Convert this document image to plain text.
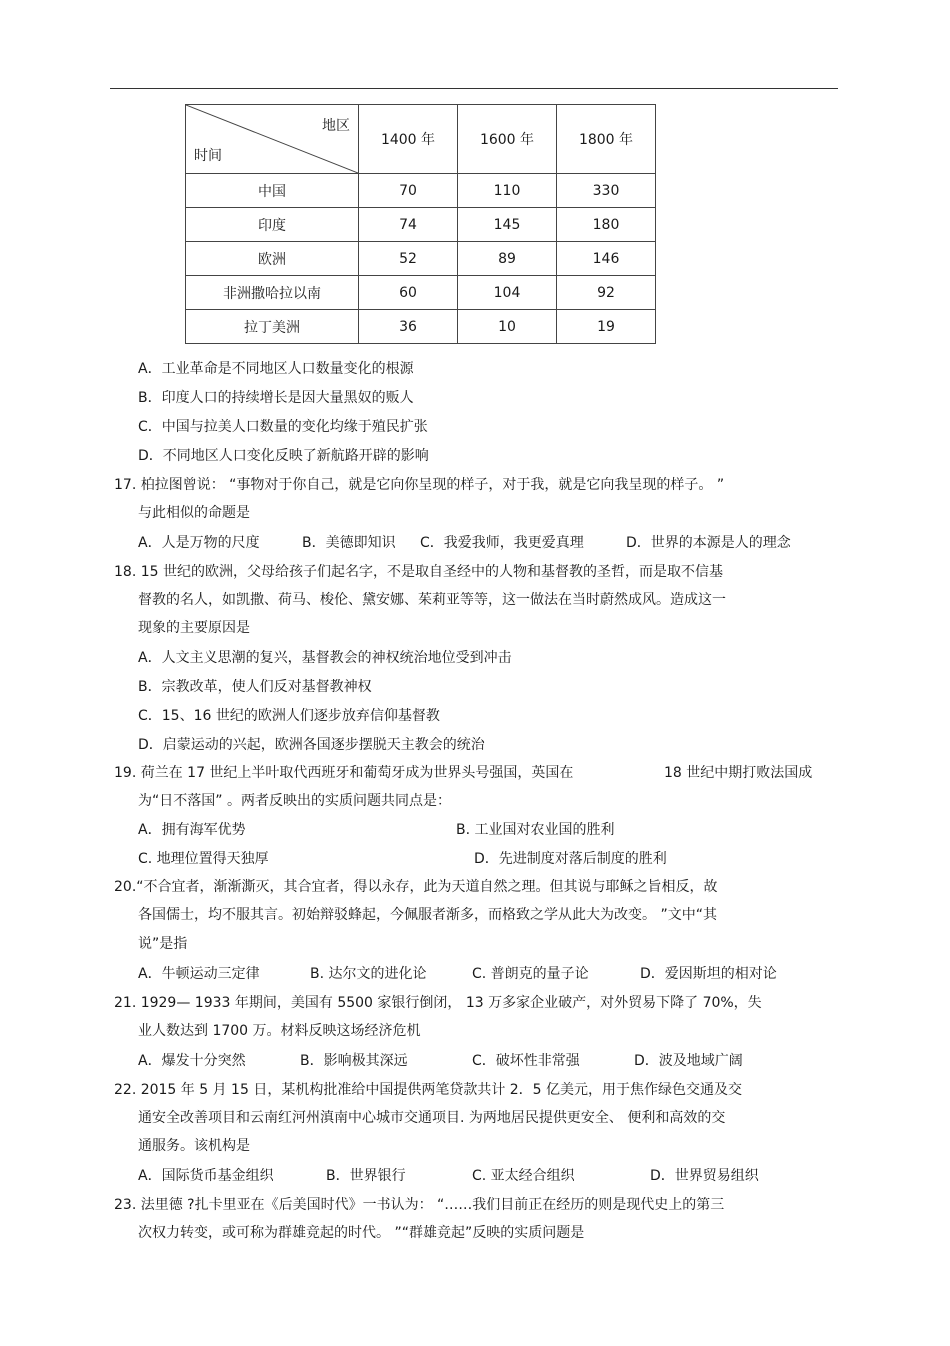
地区
时间	1400 年	1600 年	1800 年
中国	70	110	330
印度	74	145	180
欧洲	52	89	146
非洲撒哈拉以南	60	104	92
拉丁美洲	36	10	19
A．工业革命是不同地区人口数量变化的根源
B．印度人口的持续增长是因大量黑奴的贩人
C．中国与拉美人口数量的变化均缘于殖民扩张
D．不同地区人口变化反映了新航路开辟的影响
17. 柏拉图曾说： “事物对于你自己，就是它向你呈现的样子，对于我，就是它向我呈现的样子。 ”
与此相似的命题是
A．人是万物的尺度	B．美德即知识 C．我爱我师，我更爱真理	D．世界的本源是人的理念
18. 15 世纪的欧洲，父母给孩子们起名字，不是取自圣经中的人物和基督教的圣哲，而是取不信基
督教的名人，如凯撒、荷马、梭伦、黛安娜、茱莉亚等等，这一做法在当时蔚然成风。造成这一
现象的主要原因是
A．人文主义思潮的复兴，基督教会的神权统治地位受到冲击
B．宗教改革，使人们反对基督教神权
C．15、16 世纪的欧洲人们逐步放弃信仰基督教
D．启蒙运动的兴起，欧洲各国逐步摆脱天主教会的统治
19. 荷兰在 17 世纪上半叶取代西班牙和葡萄牙成为世界头号强国，英国在	18 世纪中期打败法国成
为“日不落国” 。两者反映出的实质问题共同点是：
A．拥有海军优势	B. 工业国对农业国的胜利
C. 地理位置得天独厚	D．先进制度对落后制度的胜利
20.“不合宜者，渐渐澌灭，其合宜者，得以永存，此为天道自然之理。但其说与耶稣之旨相反，故
各国儒士，均不服其言。初始辩驳蜂起，今佩服者渐多，而格致之学从此大为改变。 ”文中“其
说”是指
A．牛顿运动三定律	B. 达尔文的进化论	C. 普朗克的量子论	D．爱因斯坦的相对论
21. 1929— 1933 年期间，美国有 5500 家银行倒闭， 13 万多家企业破产，对外贸易下降了 70%，失
业人数达到 1700 万。材料反映这场经济危机
A．爆发十分突然	B．影响极其深远	C．破坏性非常强	D．波及地域广阔
22. 2015 年 5 月 15 日，某机构批准给中国提供两笔贷款共计 2．5 亿美元，用于焦作绿色交通及交
通安全改善项目和云南红河州滇南中心城市交通项目. 为两地居民提供更安全、 便利和高效的交
通服务。该机构是
A．国际货币基金组织	B．世界银行	C. 亚太经合组织	D．世界贸易组织
23. 法里德 ?扎卡里亚在《后美国时代》一书认为： “……我们目前正在经历的则是现代史上的第三
次权力转变，或可称为群雄竞起的时代。 ”“群雄竞起”反映的实质问题是
